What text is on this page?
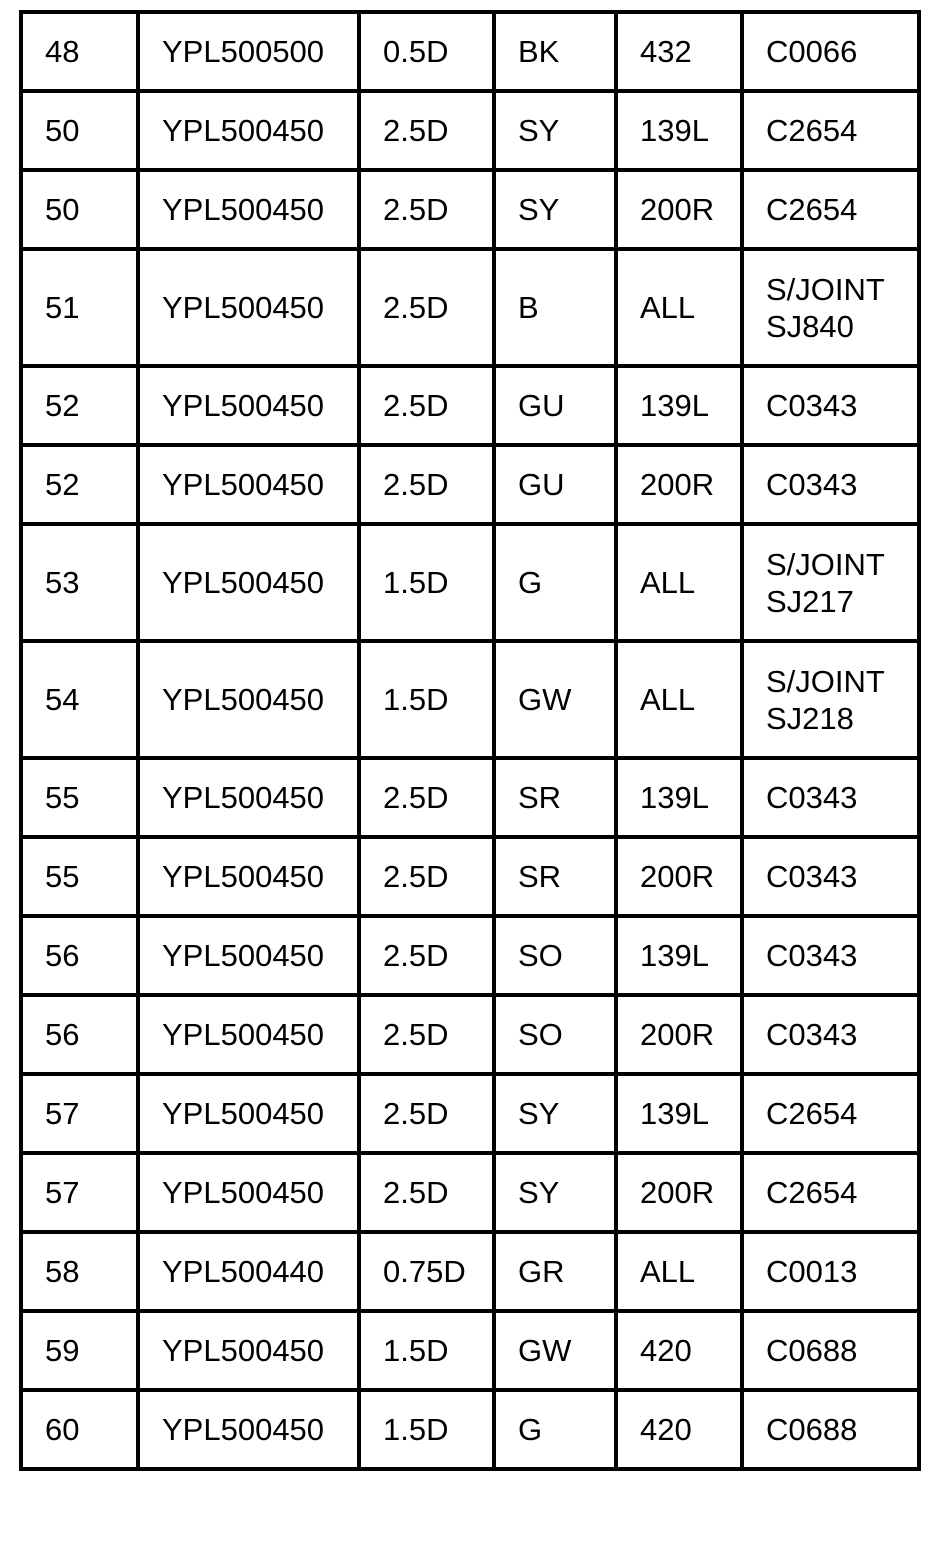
48	YPL500500	0.5D	BK	432	C0066

50	YPL500450	2.5D	SY	139L	C2654

50	YPL500450	2.5D	SY	200R	C2654

51	YPL500450	2.5D	B	ALL	S/JOINT
SJ840

52	YPL500450	2.5D	GU	139L	C0343

52	YPL500450	2.5D	GU	200R	C0343

53	YPL500450	1.5D	G	ALL	S/JOINT
SJ217

54	YPL500450	1.5D	GW	ALL	S/JOINT
SJ218

55	YPL500450	2.5D	SR	139L	C0343

55	YPL500450	2.5D	SR	200R	C0343

56	YPL500450	2.5D	SO	139L	C0343

56	YPL500450	2.5D	SO	200R	C0343

57	YPL500450	2.5D	SY	139L	C2654

57	YPL500450	2.5D	SY	200R	C2654

58	YPL500440	0.75D	GR	ALL	C0013

59	YPL500450	1.5D	GW	420	C0688

60	YPL500450	1.5D	G	420	C0688
